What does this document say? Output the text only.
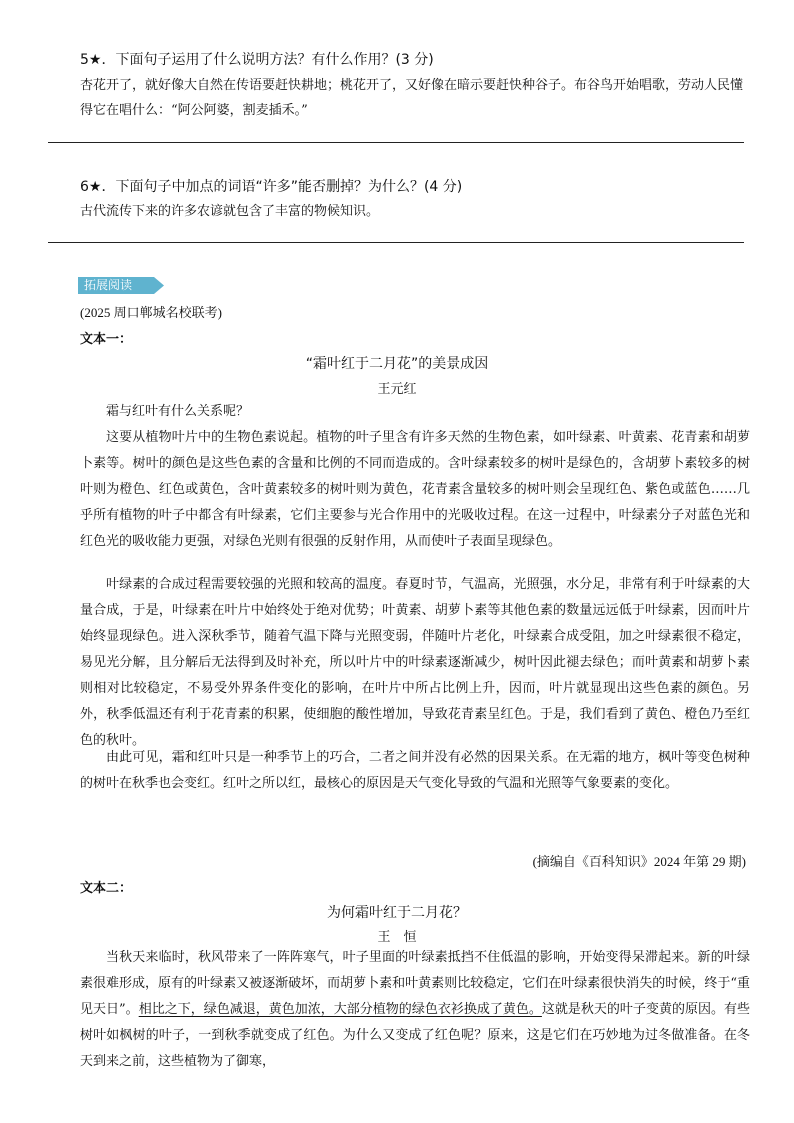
5★．下面句子运用了什么说明方法？有什么作用？(3 分)
杏花开了，就好像大自然在传语要赶快耕地；桃花开了，又好像在暗示要赶快种谷子。布谷鸟开始唱歌，劳动人民懂得它在唱什么：“阿公阿婆，割麦插禾。”
6★．下面句子中加点的词语“许多”能否删掉？为什么？(4 分)
古代流传下来的许多农谚就包含了丰富的物候知识。
拓展阅读
(2025 周口郸城名校联考)
文本一：
“霜叶红于二月花”的美景成因
王元红
霜与红叶有什么关系呢？
这要从植物叶片中的生物色素说起。植物的叶子里含有许多天然的生物色素，如叶绿素、叶黄素、花青素和胡萝卜素等。树叶的颜色是这些色素的含量和比例的不同而造成的。含叶绿素较多的树叶是绿色的，含胡萝卜素较多的树叶则为橙色、红色或黄色，含叶黄素较多的树叶则为黄色，花青素含量较多的树叶则会呈现红色、紫色或蓝色……几乎所有植物的叶子中都含有叶绿素，它们主要参与光合作用中的光吸收过程。在这一过程中，叶绿素分子对蓝色光和红色光的吸收能力更强，对绿色光则有很强的反射作用，从而使叶子表面呈现绿色。
叶绿素的合成过程需要较强的光照和较高的温度。春夏时节，气温高，光照强，水分足，非常有利于叶绿素的大量合成，于是，叶绿素在叶片中始终处于绝对优势；叶黄素、胡萝卜素等其他色素的数量远远低于叶绿素，因而叶片始终显现绿色。进入深秋季节，随着气温下降与光照变弱，伴随叶片老化，叶绿素合成受阻，加之叶绿素很不稳定，易见光分解，且分解后无法得到及时补充，所以叶片中的叶绿素逐渐减少，树叶因此褪去绿色；而叶黄素和胡萝卜素则相对比较稳定，不易受外界条件变化的影响，在叶片中所占比例上升，因而，叶片就显现出这些色素的颜色。另外，秋季低温还有利于花青素的积累，使细胞的酸性增加，导致花青素呈红色。于是，我们看到了黄色、橙色乃至红色的秋叶。
由此可见，霜和红叶只是一种季节上的巧合，二者之间并没有必然的因果关系。在无霜的地方，枫叶等变色树种的树叶在秋季也会变红。红叶之所以红，最核心的原因是天气变化导致的气温和光照等气象要素的变化。
(摘编自《百科知识》2024 年第 29 期)
文本二：
为何霜叶红于二月花？
王　恒
当秋天来临时，秋风带来了一阵阵寒气，叶子里面的叶绿素抵挡不住低温的影响，开始变得呆滞起来。新的叶绿素很难形成，原有的叶绿素又被逐渐破坏，而胡萝卜素和叶黄素则比较稳定，它们在叶绿素很快消失的时候，终于“重见天日”。相比之下，绿色减退，黄色加浓，大部分植物的绿色衣衫换成了黄色。这就是秋天的叶子变黄的原因。有些树叶如枫树的叶子，一到秋季就变成了红色。为什么又变成了红色呢？原来，这是它们在巧妙地为过冬做准备。在冬天到来之前，这些植物为了御寒，
